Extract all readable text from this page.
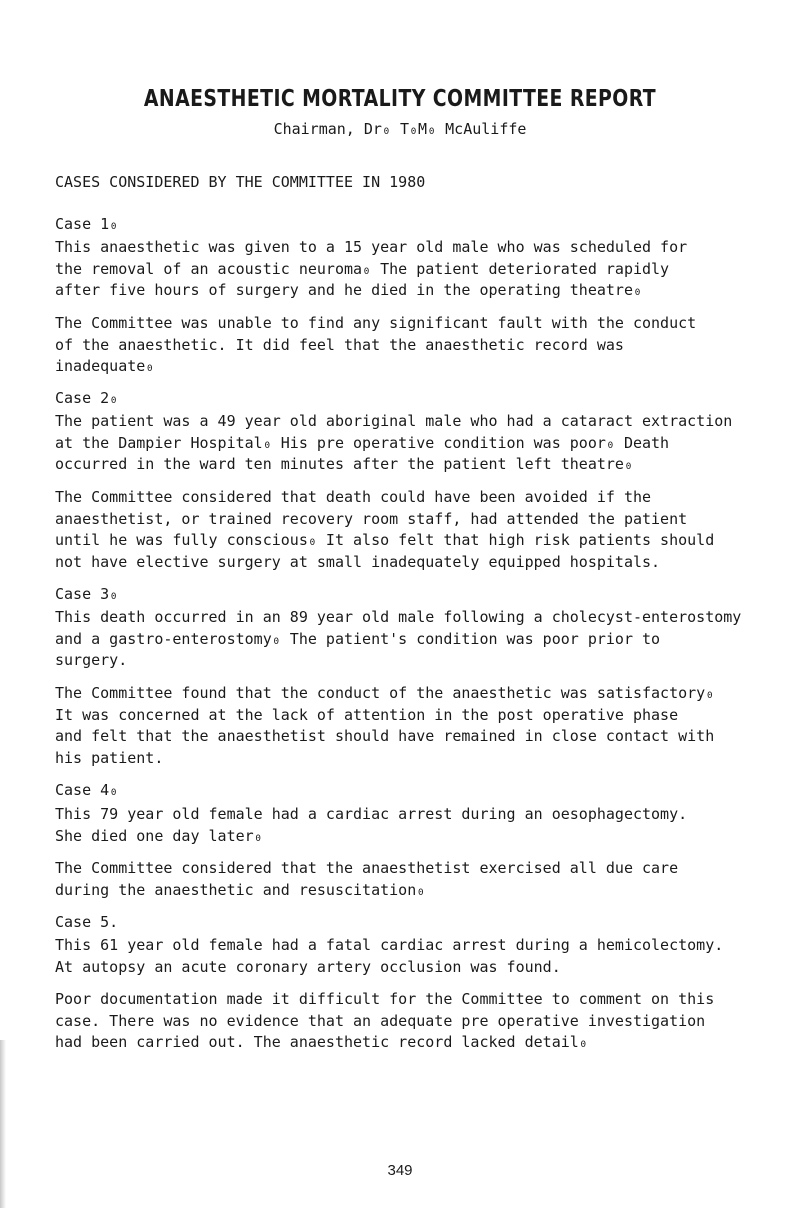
ANAESTHETIC MORTALITY COMMITTEE REPORT
Chairman, Dr₀ T₀M₀ McAuliffe
CASES CONSIDERED BY THE COMMITTEE IN 1980
Case 1₀
This anaesthetic was given to a 15 year old male who was scheduled for
the removal of an acoustic neuroma₀ The patient deteriorated rapidly
after five hours of surgery and he died in the operating theatre₀
The Committee was unable to find any significant fault with the conduct
of the anaesthetic. It did feel that the anaesthetic record was
inadequate₀
Case 2₀
The patient was a 49 year old aboriginal male who had a cataract extraction
at the Dampier Hospital₀ His pre operative condition was poor₀ Death
occurred in the ward ten minutes after the patient left theatre₀
The Committee considered that death could have been avoided if the
anaesthetist, or trained recovery room staff, had attended the patient
until he was fully conscious₀ It also felt that high risk patients should
not have elective surgery at small inadequately equipped hospitals.
Case 3₀
This death occurred in an 89 year old male following a cholecyst-enterostomy
and a gastro-enterostomy₀ The patient's condition was poor prior to
surgery.
The Committee found that the conduct of the anaesthetic was satisfactory₀
It was concerned at the lack of attention in the post operative phase
and felt that the anaesthetist should have remained in close contact with
his patient.
Case 4₀
This 79 year old female had a cardiac arrest during an oesophagectomy.
She died one day later₀
The Committee considered that the anaesthetist exercised all due care
during the anaesthetic and resuscitation₀
Case 5.
This 61 year old female had a fatal cardiac arrest during a hemicolectomy.
At autopsy an acute coronary artery occlusion was found.
Poor documentation made it difficult for the Committee to comment on this
case. There was no evidence that an adequate pre operative investigation
had been carried out. The anaesthetic record lacked detail₀
349
